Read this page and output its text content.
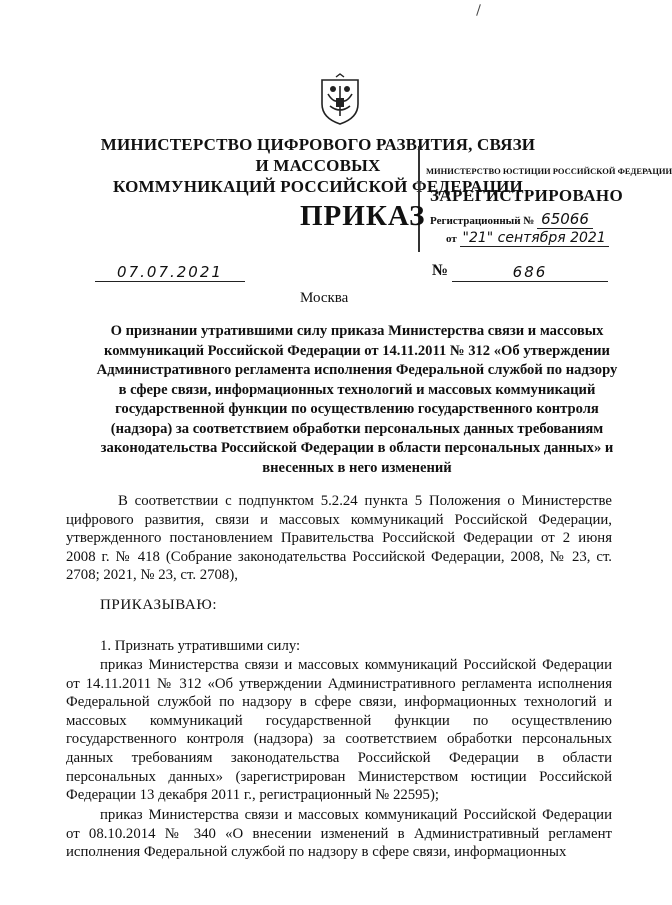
МИНИСТЕРСТВО ЦИФРОВОГО РАЗВИТИЯ, СВЯЗИ И МАССОВЫХ
КОММУНИКАЦИЙ РОССИЙСКОЙ ФЕДЕРАЦИИ
МИНИСТЕРСТВО ЮСТИЦИИ РОССИЙСКОЙ ФЕДЕРАЦИИ
ЗАРЕГИСТРИРОВАНО
Регистрационный № 65066
от "21" сентября 2021
ПРИКАЗ
07.07.2021	№	686
Москва
О признании утратившими силу приказа Министерства связи и массовых коммуникаций Российской Федерации от 14.11.2011 № 312 «Об утверждении Административного регламента исполнения Федеральной службой по надзору в сфере связи, информационных технологий и массовых коммуникаций государственной функции по осуществлению государственного контроля (надзора) за соответствием обработки персональных данных требованиям законодательства Российской Федерации в области персональных данных» и внесенных в него изменений
В соответствии с подпунктом 5.2.24 пункта 5 Положения о Министерстве цифрового развития, связи и массовых коммуникаций Российской Федерации, утвержденного постановлением Правительства Российской Федерации от 2 июня 2008 г. № 418 (Собрание законодательства Российской Федерации, 2008, № 23, ст. 2708; 2021, № 23, ст. 2708),
ПРИКАЗЫВАЮ:
1. Признать утратившими силу:
приказ Министерства связи и массовых коммуникаций Российской Федерации от 14.11.2011 № 312 «Об утверждении Административного регламента исполнения Федеральной службой по надзору в сфере связи, информационных технологий и массовых коммуникаций государственной функции по осуществлению государственного контроля (надзора) за соответствием обработки персональных данных требованиям законодательства Российской Федерации в области персональных данных» (зарегистрирован Министерством юстиции Российской Федерации 13 декабря 2011 г., регистрационный № 22595);
приказ Министерства связи и массовых коммуникаций Российской Федерации от 08.10.2014 № 340 «О внесении изменений в Административный регламент исполнения Федеральной службой по надзору в сфере связи, информационных
